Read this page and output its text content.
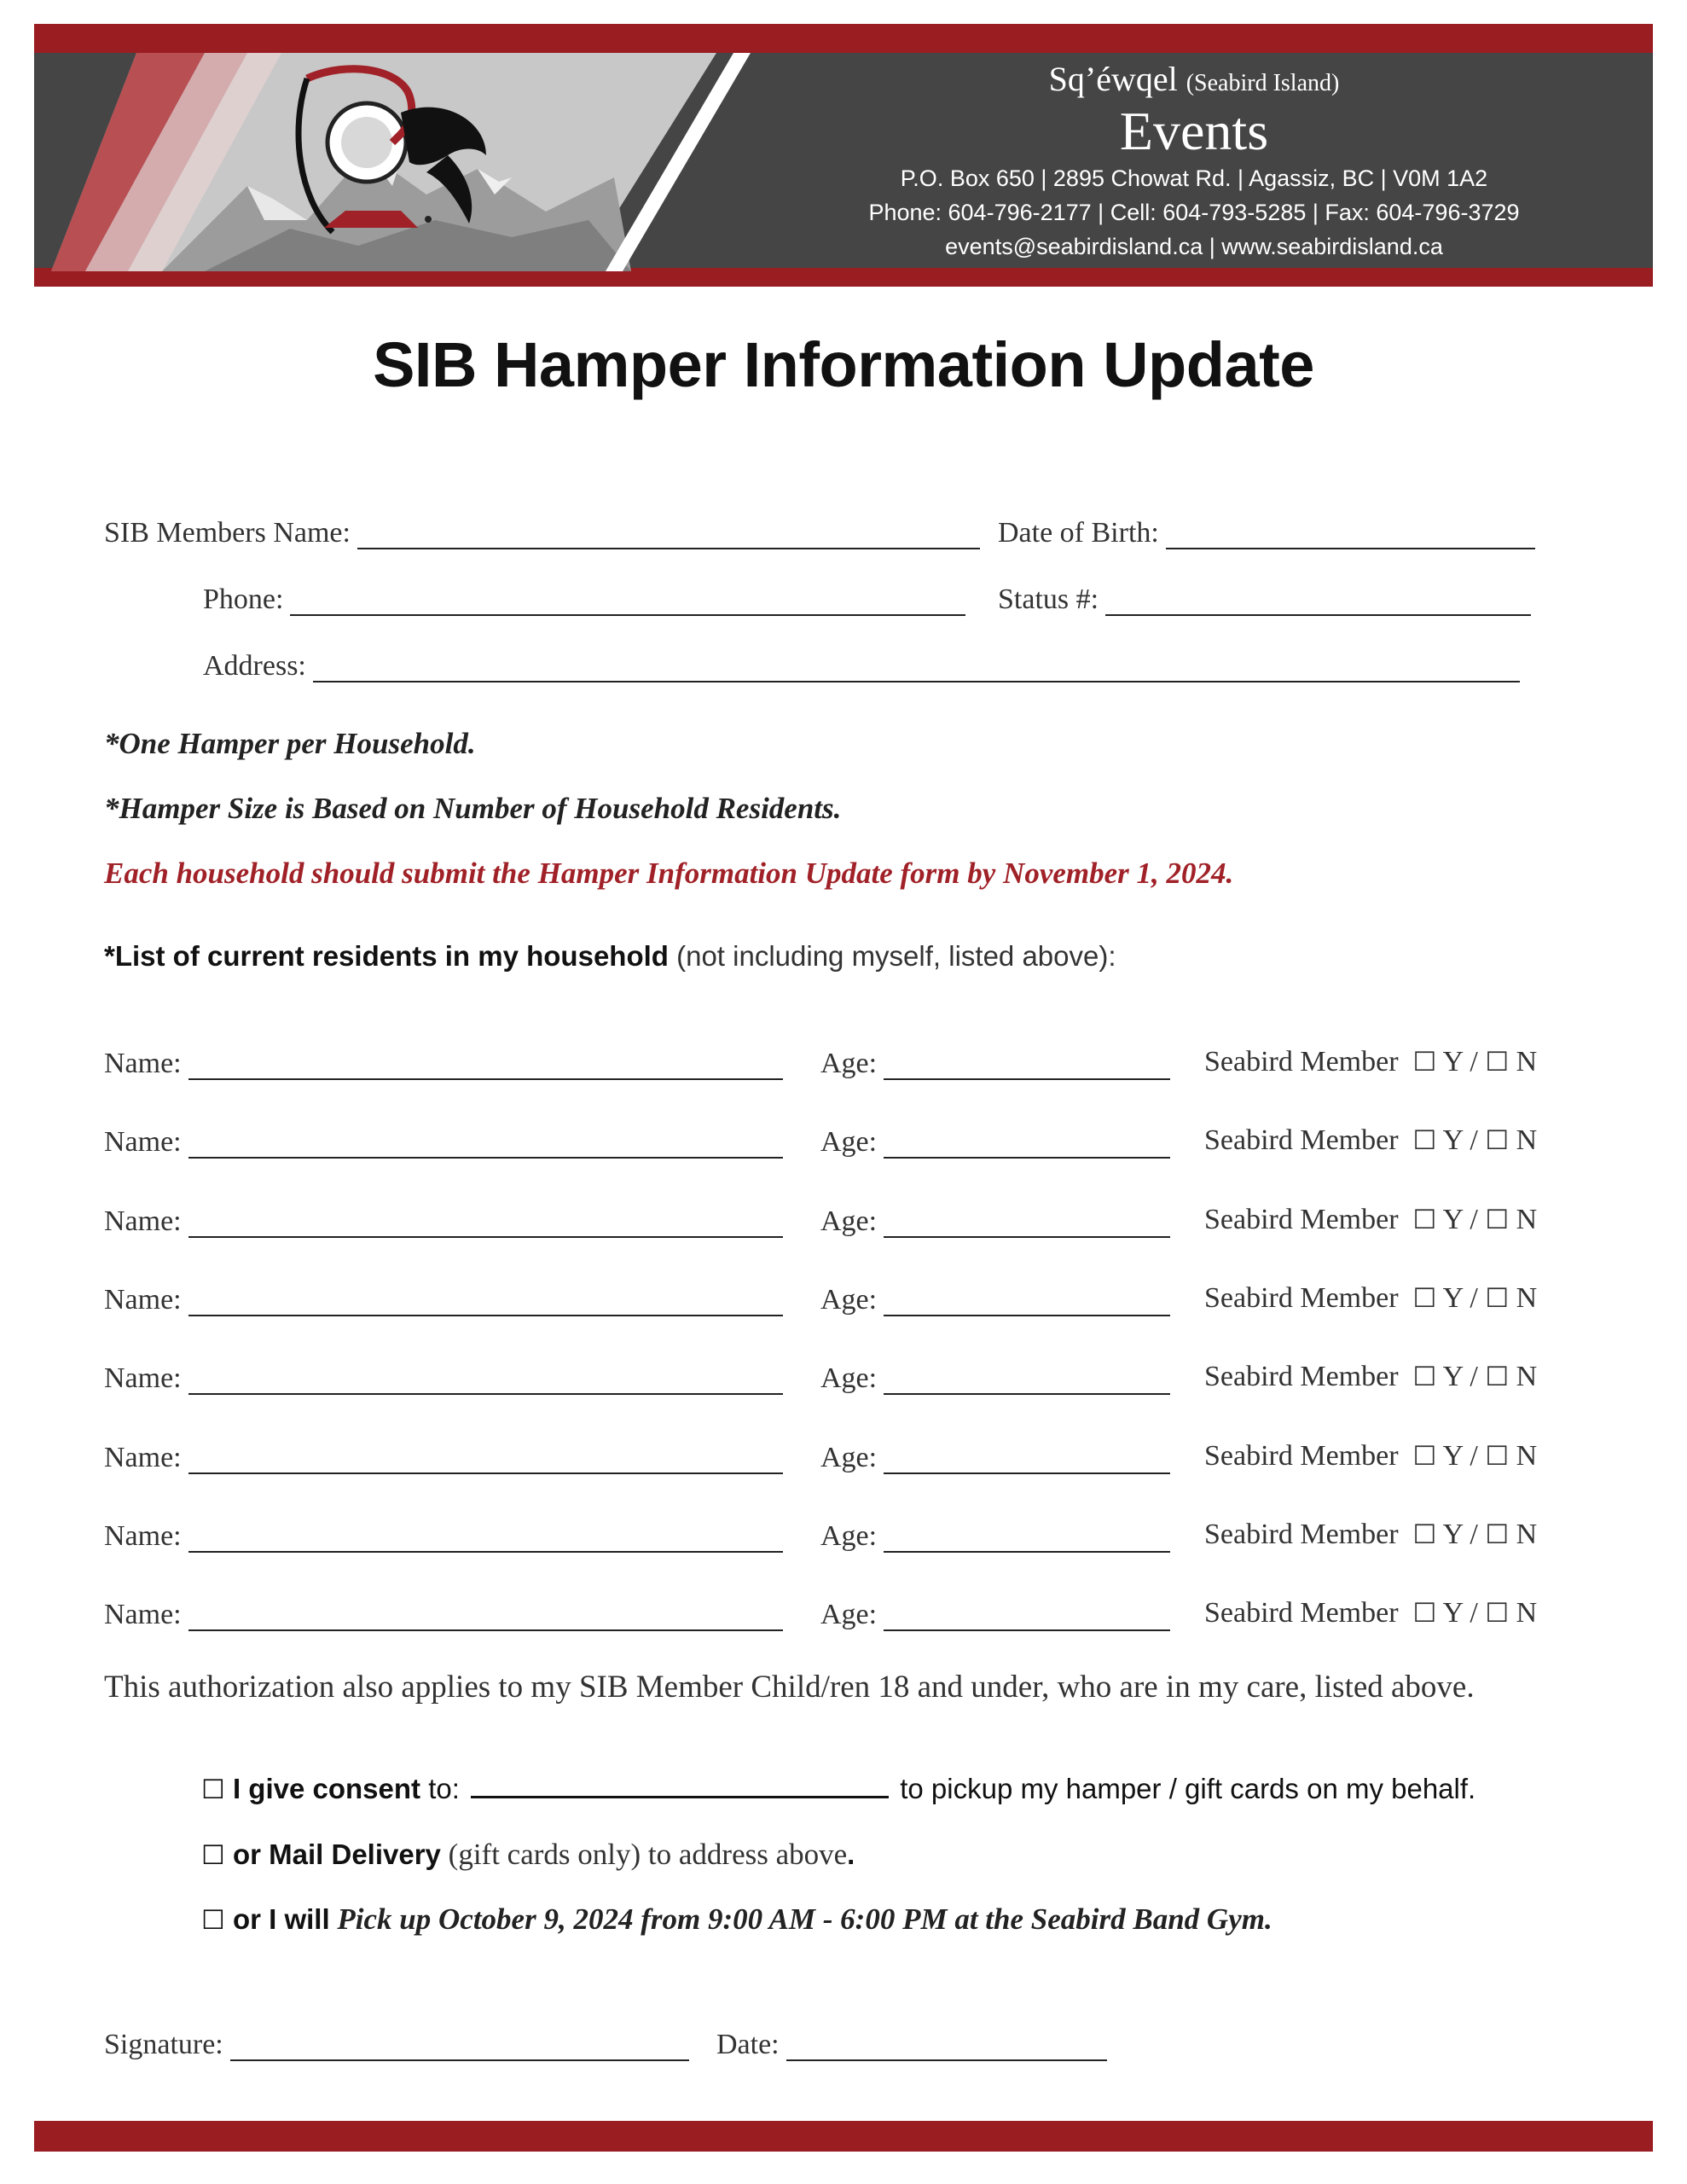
Sq’éwqel (Seabird Island)
Events
P.O. Box 650 | 2895 Chowat Rd. | Agassiz, BC | V0M 1A2
Phone: 604-796-2177 | Cell: 604-793-5285 | Fax: 604-796-3729
events@seabirdisland.ca | www.seabirdisland.ca
SIB Hamper Information Update
SIB Members Name:	Date of Birth:
Phone:	Status #:
Address:
*One Hamper per Household.
*Hamper Size is Based on Number of Household Residents.
Each household should submit the Hamper Information Update form by November 1, 2024.
*List of current residents in my household (not including myself, listed above):
Name:	Age:	Seabird Member ☐ Y / ☐ N
Name:	Age:	Seabird Member ☐ Y / ☐ N
Name:	Age:	Seabird Member ☐ Y / ☐ N
Name:	Age:	Seabird Member ☐ Y / ☐ N
Name:	Age:	Seabird Member ☐ Y / ☐ N
Name:	Age:	Seabird Member ☐ Y / ☐ N
Name:	Age:	Seabird Member ☐ Y / ☐ N
Name:	Age:	Seabird Member ☐ Y / ☐ N
This authorization also applies to my SIB Member Child/ren 18 and under, who are in my care, listed above.
☐ I give consent to:	to pickup my hamper / gift cards on my behalf.
☐ or Mail Delivery (gift cards only) to address above.
☐ or I will Pick up October 9, 2024 from 9:00 AM - 6:00 PM at the Seabird Band Gym.
Signature:	Date:
